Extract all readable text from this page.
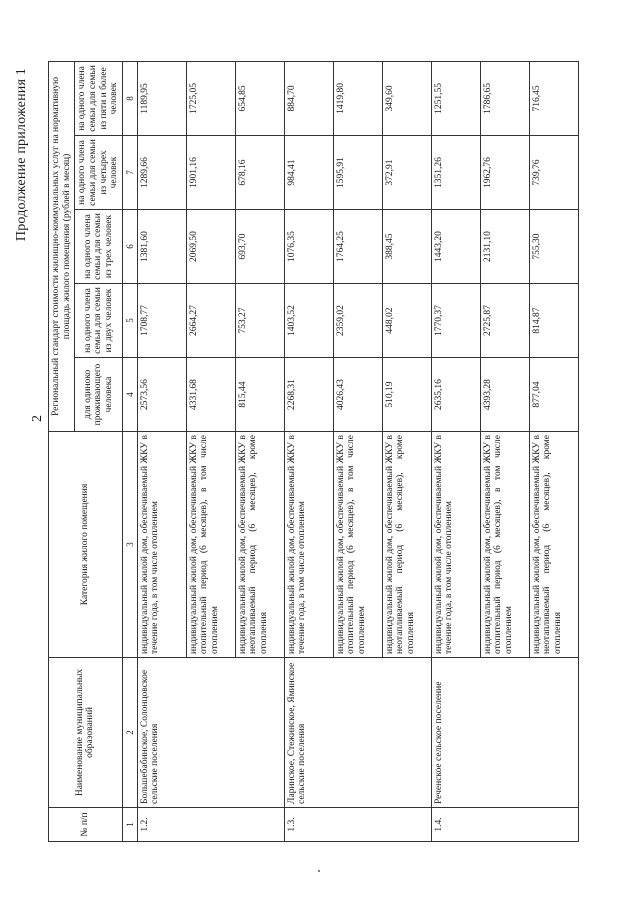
Продолжение приложения 1
2
№ п/п	Наименование муниципальных образований	Категория жилого помещения	Региональный стандарт стоимости жилищно-коммунальных услуг на нормативную площадь жилого помещения (рублей в месяц)				
			для одиноко проживающего человека	на одного члена семьи для семьи из двух человек	на одного члена семьи для семьи из трех человек	на одного члена семьи для семьи из четырех человек	на одного члена семьи для семьи из пяти и более человек
1	2	3	4	5	6	7	8
1.2.	Большебабинское, Солонцовское сельские поселения	индивидуальный жилой дом, обеспечиваемый ЖКУ в течение года, в том числе отоплением	2573,56	1708,77	1381,60	1289,66	1189,95
		индивидуальный жилой дом, обеспечиваемый ЖКУ в отопительный период (6 месяцев), в том числе отоплением	4331,68	2664,27	2069,50	1901,16	1725,05
		индивидуальный жилой дом, обеспечиваемый ЖКУ в неотапливаемый период (6 месяцев), кроме отопления	815,44	753,27	693,70	678,16	654,85
1.3.	Ларинское, Стежинское, Яминское сельские поселения	индивидуальный жилой дом, обеспечиваемый ЖКУ в течение года, в том числе отоплением	2268,31	1403,52	1076,35	984,41	884,70
		индивидуальный жилой дом, обеспечиваемый ЖКУ в отопительный период (6 месяцев), в том числе отоплением	4026,43	2359,02	1764,25	1595,91	1419,80
		индивидуальный жилой дом, обеспечиваемый ЖКУ в неотапливаемый период (6 месяцев), кроме отопления	510,19	448,02	388,45	372,91	349,60
1.4.	Реченское сельское поселение	индивидуальный жилой дом, обеспечиваемый ЖКУ в течение года, в том числе отоплением	2635,16	1770,37	1443,20	1351,26	1251,55
		индивидуальный жилой дом, обеспечиваемый ЖКУ в отопительный период (6 месяцев), в том числе отоплением	4393,28	2725,87	2131,10	1962,76	1786,65
		индивидуальный жилой дом, обеспечиваемый ЖКУ в неотапливаемый период (6 месяцев), кроме отопления	877,04	814,87	755,30	739,76	716,45
